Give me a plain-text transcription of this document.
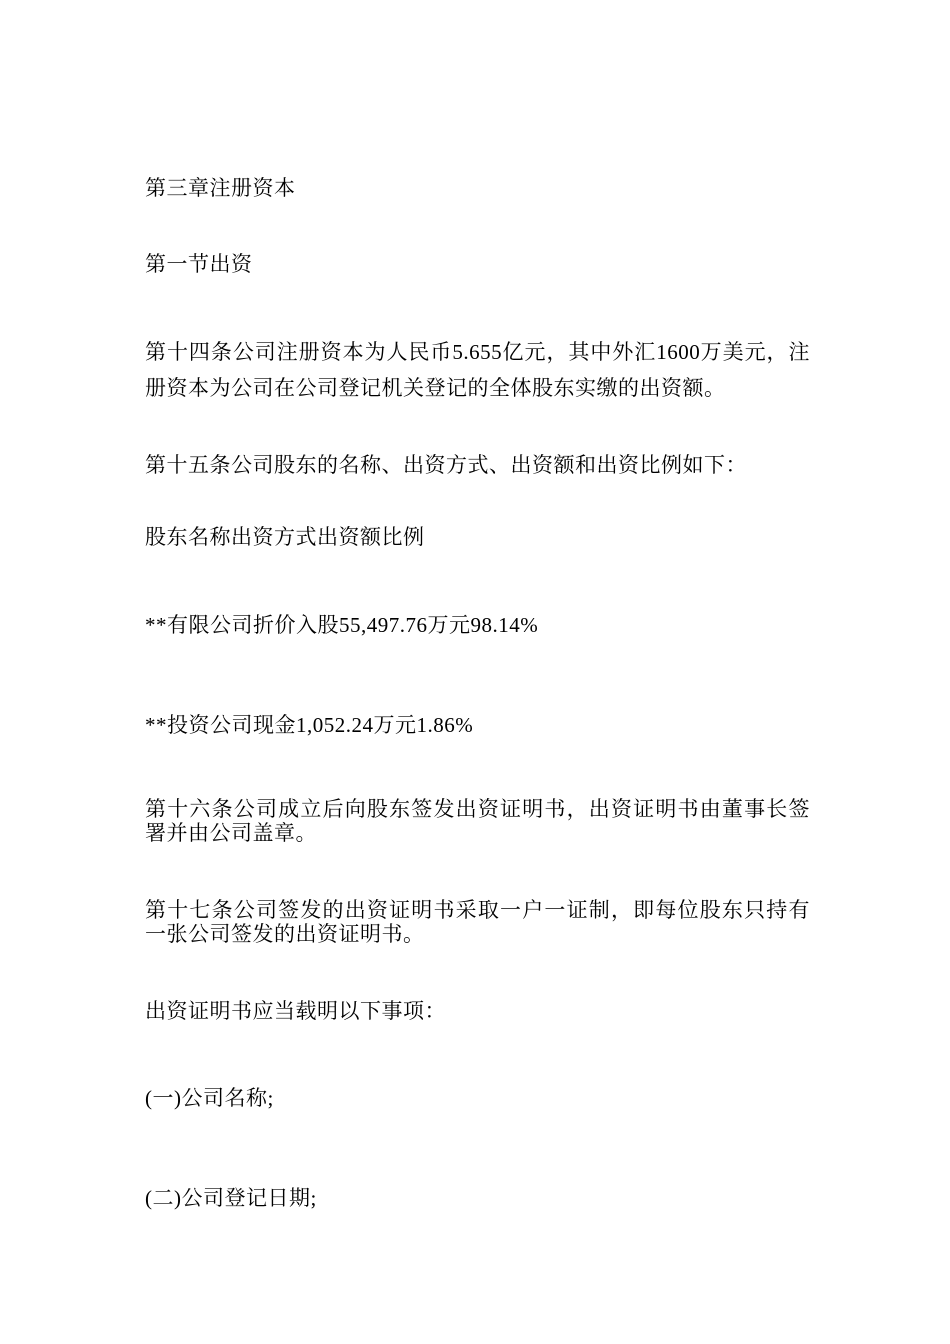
第三章注册资本
第一节出资
第十四条公司注册资本为人民币5.655亿元，其中外汇1600万美元，注册资本为公司在公司登记机关登记的全体股东实缴的出资额。
第十五条公司股东的名称、出资方式、出资额和出资比例如下：
股东名称出资方式出资额比例
**有限公司折价入股55,497.76万元98.14%
**投资公司现金1,052.24万元1.86%
第十六条公司成立后向股东签发出资证明书，出资证明书由董事长签署并由公司盖章。
第十七条公司签发的出资证明书采取一户一证制，即每位股东只持有一张公司签发的出资证明书。
出资证明书应当载明以下事项：
(一)公司名称;
(二)公司登记日期;
